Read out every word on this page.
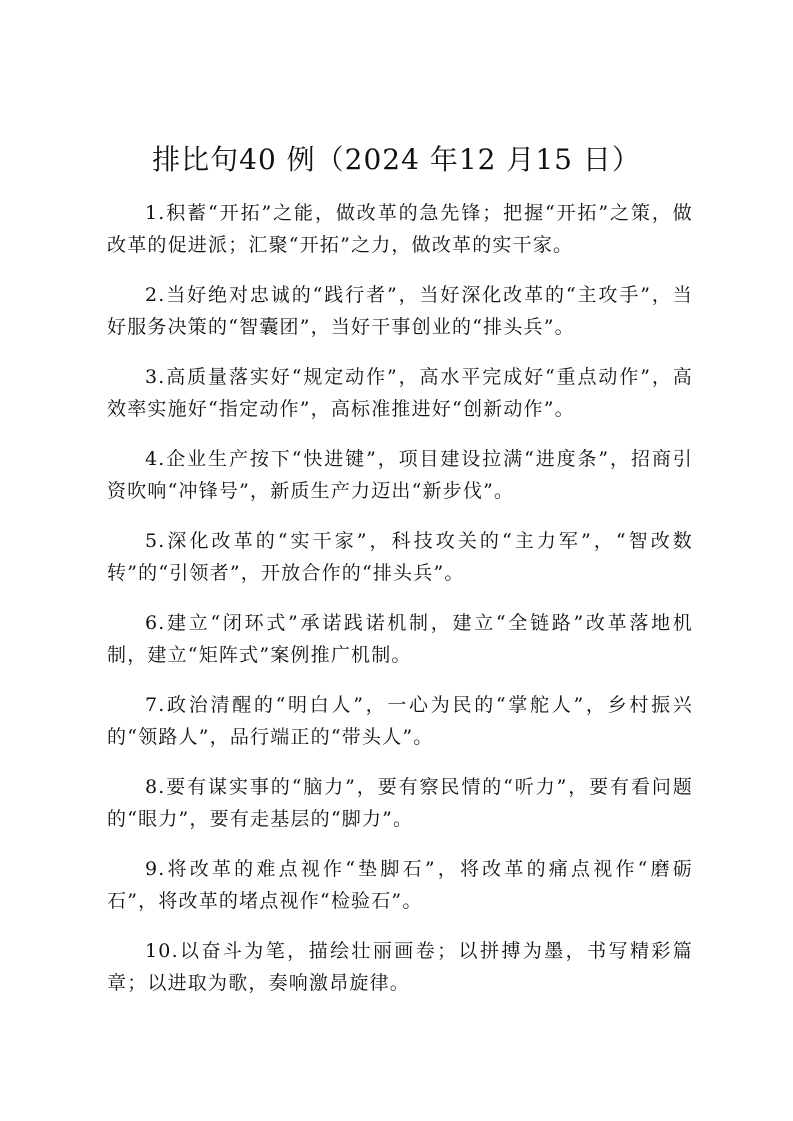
排比句40 例（2024 年12 月15 日）

1.积蓄“开拓”之能，做改革的急先锋；把握“开拓”之策，做改革的促进派；汇聚“开拓”之力，做改革的实干家。

2.当好绝对忠诚的“践行者”，当好深化改革的“主攻手”，当好服务决策的“智囊团”，当好干事创业的“排头兵”。

3.高质量落实好“规定动作”，高水平完成好“重点动作”，高效率实施好“指定动作”，高标准推进好“创新动作”。

4.企业生产按下“快进键”，项目建设拉满“进度条”，招商引资吹响“冲锋号”，新质生产力迈出“新步伐”。

5.深化改革的“实干家”，科技攻关的“主力军”，“智改数转”的“引领者”，开放合作的“排头兵”。

6.建立“闭环式”承诺践诺机制，建立“全链路”改革落地机制，建立“矩阵式”案例推广机制。

7.政治清醒的“明白人”，一心为民的“掌舵人”，乡村振兴的“领路人”，品行端正的“带头人”。

8.要有谋实事的“脑力”，要有察民情的“听力”，要有看问题的“眼力”，要有走基层的“脚力”。

9.将改革的难点视作“垫脚石”，将改革的痛点视作“磨砺石”，将改革的堵点视作“检验石”。

10.以奋斗为笔，描绘壮丽画卷；以拼搏为墨，书写精彩篇章；以进取为歌，奏响激昂旋律。
